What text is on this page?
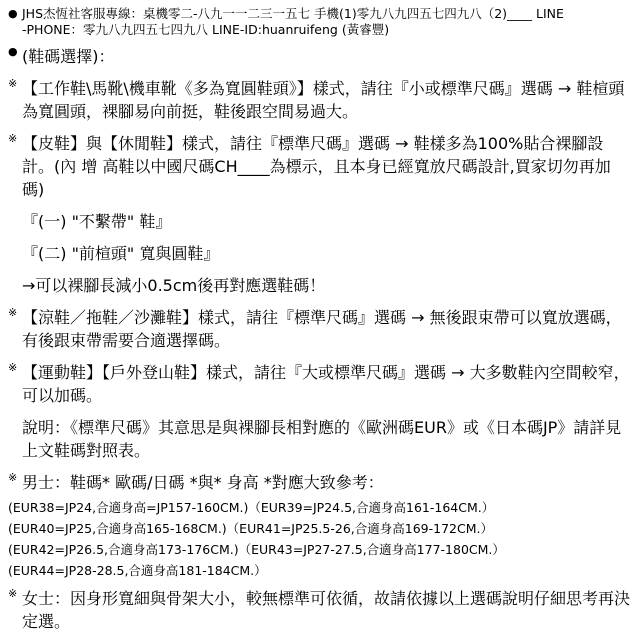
● JHS杰恆社客服專線：桌機零二-八九一一二三一五七 手機(1)零九八九四五七四九八（2)____ LINE
-PHONE：零九八九四五七四九八 LINE-ID:huanruifeng (黃睿豐)
● (鞋碼選擇)：
※ 【工作鞋\馬靴\機車靴《多為寬圓鞋頭》】樣式，請往『小或標準尺碼』選碼 → 鞋楦頭為寬圓頭，裸腳易向前挺，鞋後跟空間易過大。
※ 【皮鞋】與【休閒鞋】樣式，請往『標準尺碼』選碼 → 鞋樣多為100%貼合裸腳設計。(內 增 高鞋以中國尺碼CH____為標示，且本身已經寬放尺碼設計,買家切勿再加碼)
『(一) "不繫帶" 鞋』
『(二) "前楦頭" 寬與圓鞋』
→可以裸腳長減小0.5cm後再對應選鞋碼！
※ 【涼鞋／拖鞋／沙灘鞋】樣式，請往『標準尺碼』選碼 → 無後跟束帶可以寬放選碼，有後跟束帶需要合適選擇碼。
※ 【運動鞋】【戶外登山鞋】樣式，請往『大或標準尺碼』選碼 → 大多數鞋內空間較窄，可以加碼。
說明：《標準尺碼》其意思是與裸腳長相對應的《歐洲碼EUR》或《日本碼JP》請詳見上文鞋碼對照表。
※ 男士：鞋碼* 歐碼/日碼 *與* 身高 *對應大致參考：
(EUR38=JP24,合適身高=JP157-160CM.)（EUR39=JP24.5,合適身高161-164CM.）
(EUR40=JP25,合適身高165-168CM.)（EUR41=JP25.5-26,合適身高169-172CM.）
(EUR42=JP26.5,合適身高173-176CM.)（EUR43=JP27-27.5,合適身高177-180CM.）
(EUR44=JP28-28.5,合適身高181-184CM.）
※ 女士：因身形寬細與骨架大小，較無標準可依循，故請依據以上選碼說明仔細思考再決定選。
